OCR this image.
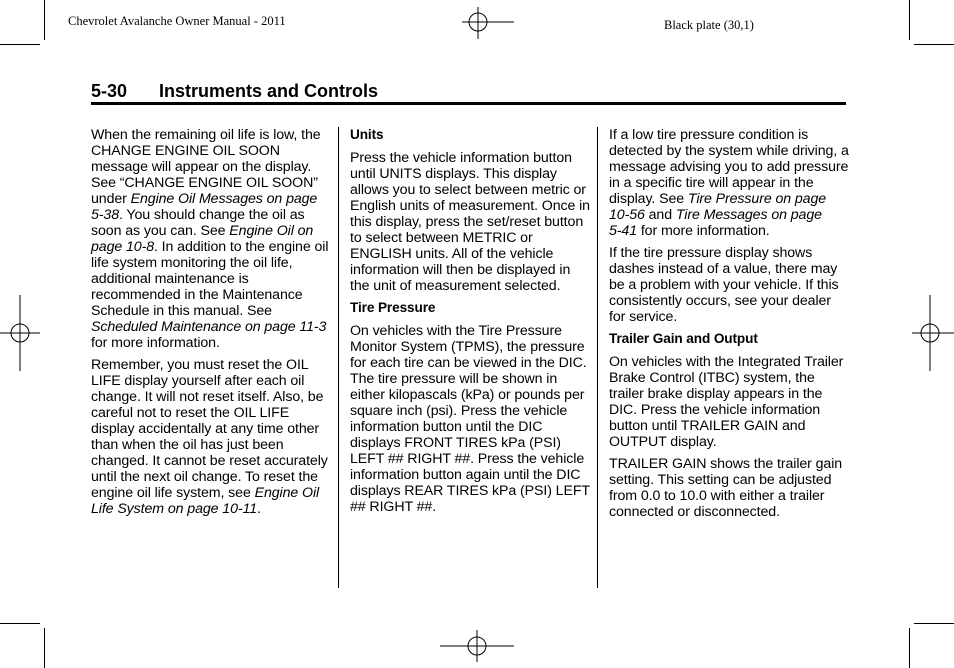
Chevrolet Avalanche Owner Manual - 2011	Black plate (30,1)
5-30 Instruments and Controls

When the remaining oil life is low, the CHANGE ENGINE OIL SOON message will appear on the display. See “CHANGE ENGINE OIL SOON” under Engine Oil Messages on page 5‑38. You should change the oil as soon as you can. See Engine Oil on page 10‑8. In addition to the engine oil life system monitoring the oil life, additional maintenance is recommended in the Maintenance Schedule in this manual. See Scheduled Maintenance on page 11‑3 for more information.

Remember, you must reset the OIL LIFE display yourself after each oil change. It will not reset itself. Also, be careful not to reset the OIL LIFE display accidentally at any time other than when the oil has just been changed. It cannot be reset accurately until the next oil change. To reset the engine oil life system, see Engine Oil Life System on page 10‑11.

Units

Press the vehicle information button until UNITS displays. This display allows you to select between metric or English units of measurement. Once in this display, press the set/reset button to select between METRIC or ENGLISH units. All of the vehicle information will then be displayed in the unit of measurement selected.

Tire Pressure

On vehicles with the Tire Pressure Monitor System (TPMS), the pressure for each tire can be viewed in the DIC. The tire pressure will be shown in either kilopascals (kPa) or pounds per square inch (psi). Press the vehicle information button until the DIC displays FRONT TIRES kPa (PSI) LEFT ## RIGHT ##. Press the vehicle information button again until the DIC displays REAR TIRES kPa (PSI) LEFT ## RIGHT ##.

If a low tire pressure condition is detected by the system while driving, a message advising you to add pressure in a specific tire will appear in the display. See Tire Pressure on page 10‑56 and Tire Messages on page 5‑41 for more information.

If the tire pressure display shows dashes instead of a value, there may be a problem with your vehicle. If this consistently occurs, see your dealer for service.

Trailer Gain and Output

On vehicles with the Integrated Trailer Brake Control (ITBC) system, the trailer brake display appears in the DIC. Press the vehicle information button until TRAILER GAIN and OUTPUT display.

TRAILER GAIN shows the trailer gain setting. This setting can be adjusted from 0.0 to 10.0 with either a trailer connected or disconnected.
